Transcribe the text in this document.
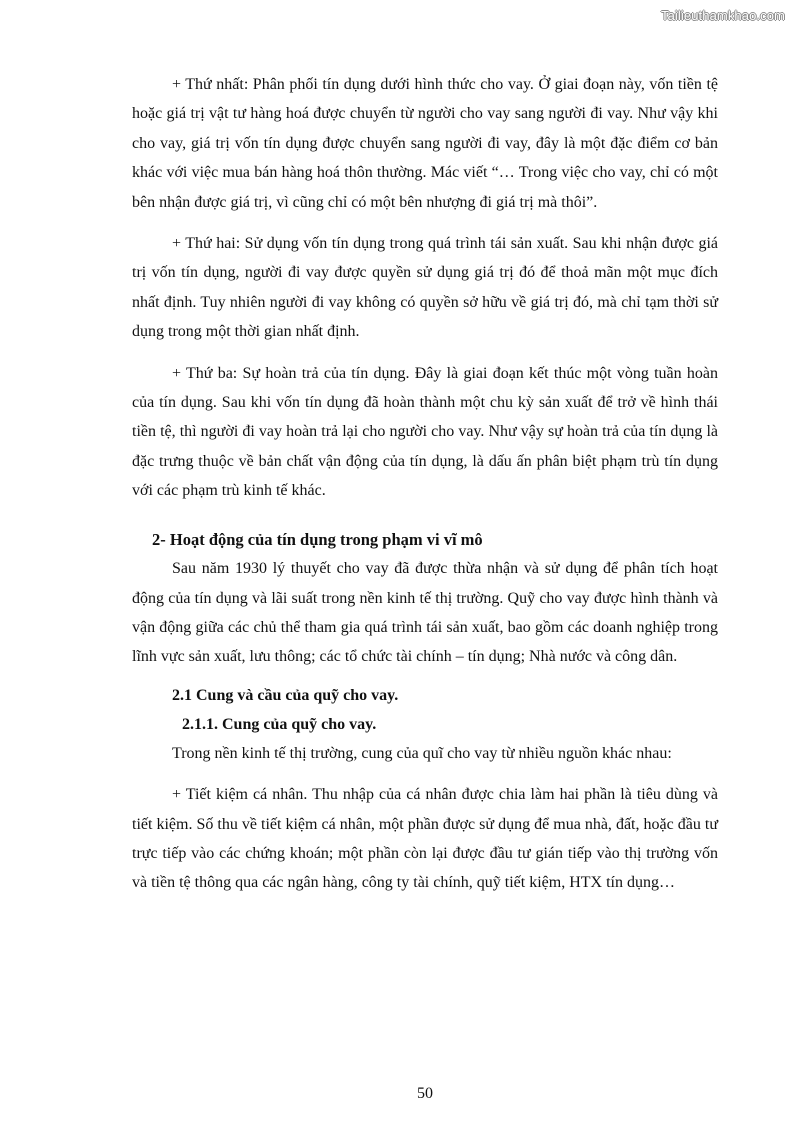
Tailieuthamkhao.com

+ Thứ nhất: Phân phối tín dụng dưới hình thức cho vay. Ở giai đoạn này, vốn tiền tệ hoặc giá trị vật tư hàng hoá được chuyển từ người cho vay sang người đi vay. Như vậy khi cho vay, giá trị vốn tín dụng được chuyển sang người đi vay, đây là một đặc điểm cơ bản khác với việc mua bán hàng hoá thôn thường. Mác viết “… Trong việc cho vay, chỉ có một bên nhận được giá trị, vì cũng chỉ có một bên nhượng đi giá trị mà thôi”.

+ Thứ hai: Sử dụng vốn tín dụng trong quá trình tái sản xuất. Sau khi nhận được giá trị vốn tín dụng, người đi vay được quyền sử dụng giá trị đó để thoả mãn một mục đích nhất định. Tuy nhiên người đi vay không có quyền sở hữu về giá trị đó, mà chỉ tạm thời sử dụng trong một thời gian nhất định.

+ Thứ ba: Sự hoàn trả của tín dụng. Đây là giai đoạn kết thúc một vòng tuần hoàn của tín dụng. Sau khi vốn tín dụng đã hoàn thành một chu kỳ sản xuất để trở về hình thái tiền tệ, thì người đi vay hoàn trả lại cho người cho vay. Như vậy sự hoàn trả của tín dụng là đặc trưng thuộc về bản chất vận động của tín dụng, là dấu ấn phân biệt phạm trù tín dụng với các phạm trù kinh tế khác.

2- Hoạt động của tín dụng trong phạm vi vĩ mô

Sau năm 1930 lý thuyết cho vay đã được thừa nhận và sử dụng để phân tích hoạt động của tín dụng và lãi suất trong nền kinh tế thị trường. Quỹ cho vay được hình thành và vận động giữa các chủ thể tham gia quá trình tái sản xuất, bao gồm các doanh nghiệp trong lĩnh vực sản xuất, lưu thông; các tổ chức tài chính – tín dụng; Nhà nước và công dân.

2.1 Cung và cầu của quỹ cho vay.
2.1.1. Cung của quỹ cho vay.

Trong nền kinh tế thị trường, cung của quĩ cho vay từ nhiều nguồn khác nhau:

+ Tiết kiệm cá nhân. Thu nhập của cá nhân được chia làm hai phần là tiêu dùng và tiết kiệm. Số thu về tiết kiệm cá nhân, một phần được sử dụng để mua nhà, đất, hoặc đầu tư trực tiếp vào các chứng khoán; một phần còn lại được đầu tư gián tiếp vào thị trường vốn và tiền tệ thông qua các ngân hàng, công ty tài chính, quỹ tiết kiệm, HTX tín dụng…

50
